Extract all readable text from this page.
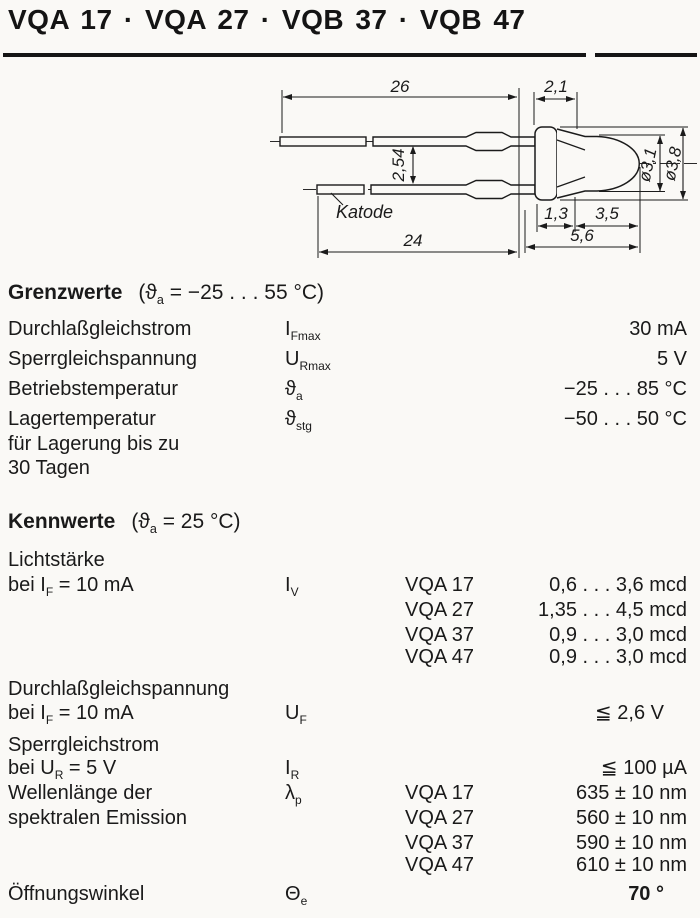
VQA 17 · VQA 27 · VQB 37 · VQB 47
26	2,1
2,54
Katode	1,3 3,5
5,6
24
ø3,1 ø3,8
Grenzwerte ($ϑ_a = -25$ . . . 55 °C)
Durchlaßgleichstrom	$I_{Fmax}$	30 mA
Sperrgleichspannung	$U_{Rmax}$	5 V
Betriebstemperatur	$ϑ_a$	−25 . . . 85 °C
Lagertemperatur
für Lagerung bis zu
30 Tagen
$ϑ_{stg}$	−50 . . . 50 °C
Kennwerte ($ϑ_a = 25$ °C)
Lichtstärke
bei $I_F = 10$ mA	$I_V$	VQA 17	0,6 . . . 3,6 mcd
VQA 27	1,35 . . . 4,5 mcd
VQA 37	0,9 . . . 3,0 mcd
VQA 47	0,9 . . . 3,0 mcd
Durchlaßgleichspannung
bei $I_F = 10$ mA	$U_F$	≦ 2,6 V
Sperrgleichstrom
bei $U_R = 5$ V	$I_R$	≦ 100 µA
Wellenlänge der
spektralen Emission
$\lambda_p$	VQA 17	635 ± 10 nm
VQA 27	560 ± 10 nm
VQA 37	590 ± 10 nm
VQA 47	610 ± 10 nm
Öffnungswinkel	$\Theta_e$	70 °
